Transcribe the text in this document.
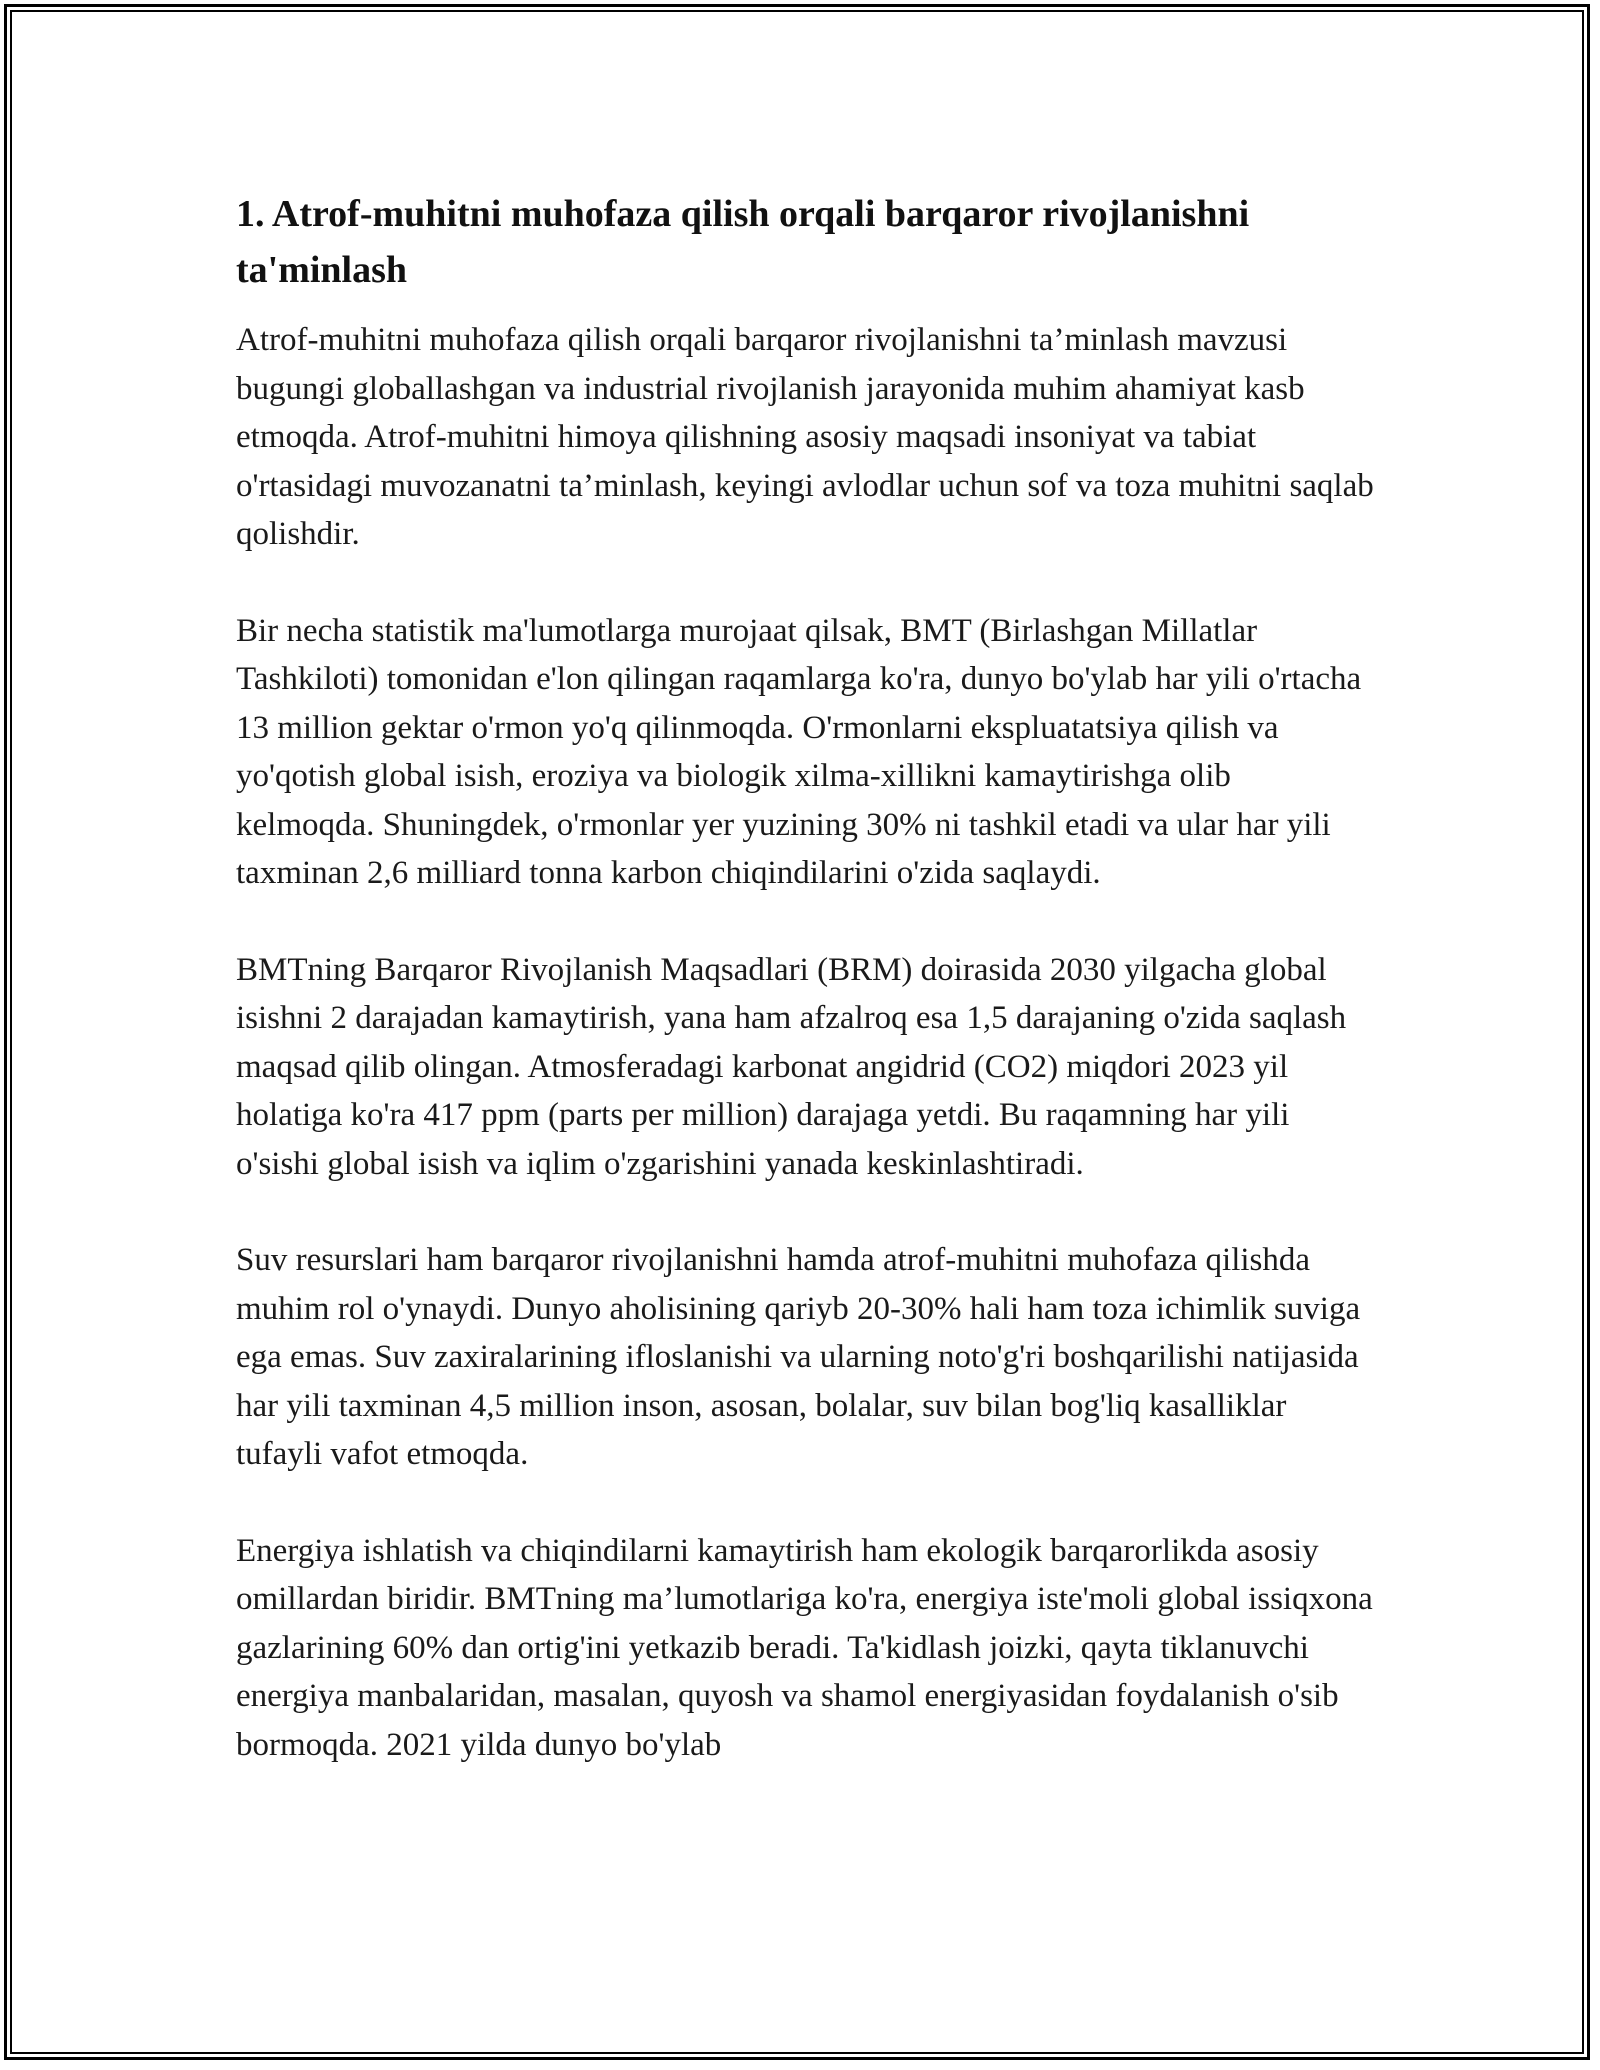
1. Atrof-muhitni muhofaza qilish orqali barqaror rivojlanishni ta'minlash

Atrof-muhitni muhofaza qilish orqali barqaror rivojlanishni ta’minlash mavzusi bugungi globallashgan va industrial rivojlanish jarayonida muhim ahamiyat kasb etmoqda. Atrof-muhitni himoya qilishning asosiy maqsadi insoniyat va tabiat o'rtasidagi muvozanatni ta’minlash, keyingi avlodlar uchun sof va toza muhitni saqlab qolishdir.

Bir necha statistik ma'lumotlarga murojaat qilsak, BMT (Birlashgan Millatlar Tashkiloti) tomonidan e'lon qilingan raqamlarga ko'ra, dunyo bo'ylab har yili o'rtacha 13 million gektar o'rmon yo'q qilinmoqda. O'rmonlarni ekspluatatsiya qilish va yo'qotish global isish, eroziya va biologik xilma-xillikni kamaytirishga olib kelmoqda. Shuningdek, o'rmonlar yer yuzining 30% ni tashkil etadi va ular har yili taxminan 2,6 milliard tonna karbon chiqindilarini o'zida saqlaydi.

BMTning Barqaror Rivojlanish Maqsadlari (BRM) doirasida 2030 yilgacha global isishni 2 darajadan kamaytirish, yana ham afzalroq esa 1,5 darajaning o'zida saqlash maqsad qilib olingan. Atmosferadagi karbonat angidrid (CO2) miqdori 2023 yil holatiga ko'ra 417 ppm (parts per million) darajaga yetdi. Bu raqamning har yili o'sishi global isish va iqlim o'zgarishini yanada keskinlashtiradi.

Suv resurslari ham barqaror rivojlanishni hamda atrof-muhitni muhofaza qilishda muhim rol o'ynaydi. Dunyo aholisining qariyb 20-30% hali ham toza ichimlik suviga ega emas. Suv zaxiralarining ifloslanishi va ularning noto'g'ri boshqarilishi natijasida har yili taxminan 4,5 million inson, asosan, bolalar, suv bilan bog'liq kasalliklar tufayli vafot etmoqda.

Energiya ishlatish va chiqindilarni kamaytirish ham ekologik barqarorlikda asosiy omillardan biridir. BMTning ma’lumotlariga ko'ra, energiya iste'moli global issiqxona gazlarining 60% dan ortig'ini yetkazib beradi. Ta'kidlash joizki, qayta tiklanuvchi energiya manbalaridan, masalan, quyosh va shamol energiyasidan foydalanish o'sib bormoqda. 2021 yilda dunyo bo'ylab
